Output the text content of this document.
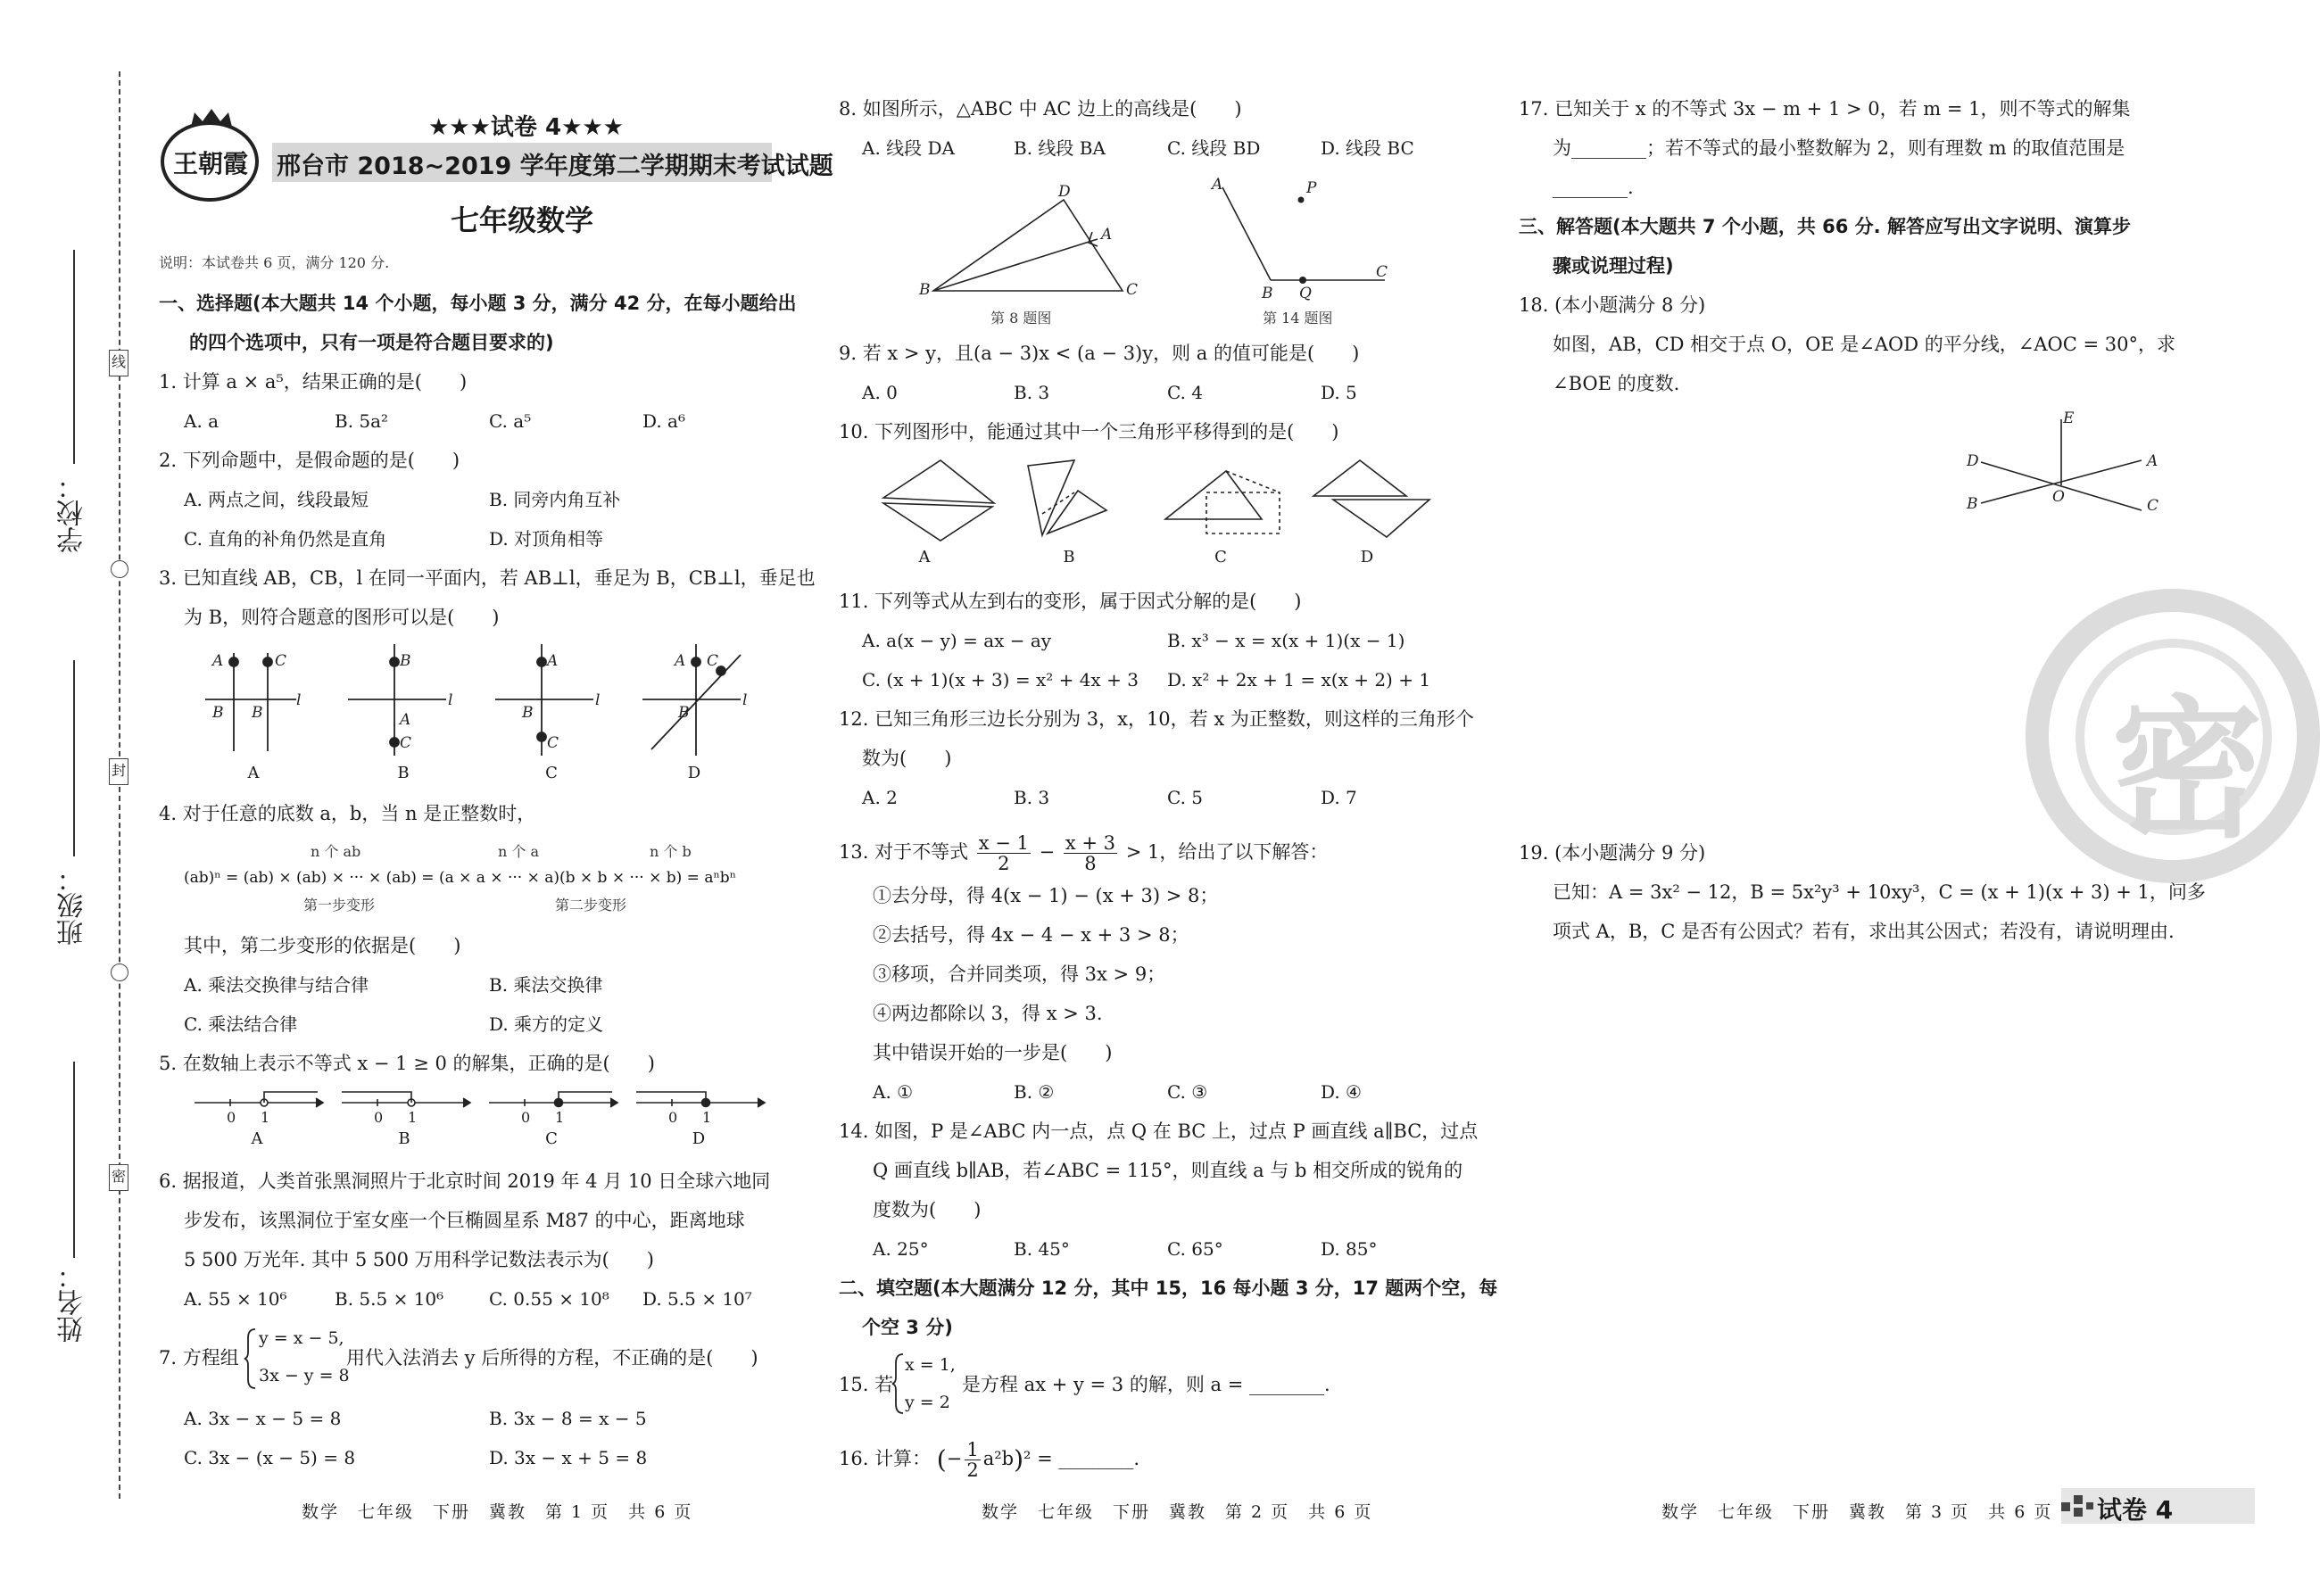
线
封
密
学校：
班级：
姓名：
王朝霞
★★★试卷 4★★★
邢台市 2018~2019 学年度第二学期期末考试试题
七年级数学
说明：本试卷共 6 页，满分 120 分.
一、选择题(本大题共 14 个小题，每小题 3 分，满分 42 分，在每小题给出
的四个选项中，只有一项是符合题目要求的)
1. 计算 a × a⁵，结果正确的是(　　)
A. a	B. 5a²	C. a⁵	D. a⁶
2. 下列命题中，是假命题的是(　　)
A. 两点之间，线段最短	B. 同旁内角互补
C. 直角的补角仍然是直角	D. 对顶角相等
3. 已知直线 AB，CB，l 在同一平面内，若 AB⊥l，垂足为 B，CB⊥l，垂足也
为 B，则符合题意的图形可以是(　　)
A	C
B B
l
B
A
C
l
A
B
C
l
A C
B
l
A	B	C	D
4. 对于任意的底数 a，b，当 n 是正整数时，
n 个 ab	n 个 a	n 个 b
(ab)ⁿ = (ab) × (ab) × ··· × (ab) = (a × a × ··· × a)(b × b × ··· × b) = aⁿbⁿ
第一步变形	第二步变形
其中，第二步变形的依据是(　　)
A. 乘法交换律与结合律	B. 乘法交换律
C. 乘法结合律	D. 乘方的定义
5. 在数轴上表示不等式 x − 1 ≥ 0 的解集，正确的是(　　)
0 1	0 1	0 1	0 1
A	B	C	D
6. 据报道，人类首张黑洞照片于北京时间 2019 年 4 月 10 日全球六地同
步发布，该黑洞位于室女座一个巨椭圆星系 M87 的中心，距离地球
5 500 万光年. 其中 5 500 万用科学记数法表示为(　　)
A. 55 × 10⁶	B. 5.5 × 10⁶	C. 0.55 × 10⁸ D. 5.5 × 10⁷
7. 方程组
y = x − 5,
3x − y = 8
用代入法消去 y 后所得的方程，不正确的是(　　)
A. 3x − x − 5 = 8	B. 3x − 8 = x − 5
C. 3x − (x − 5) = 8	D. 3x − x + 5 = 8
数学　七年级　下册　冀教　第 1 页　共 6 页
8. 如图所示，△ABC 中 AC 边上的高线是(　　)
A. 线段 DA	B. 线段 BA	C. 线段 BD	D. 线段 BC
B	C
D
A
第 8 题图
A	P
B Q
C
第 14 题图
9. 若 x > y，且(a − 3)x < (a − 3)y，则 a 的值可能是(　　)
A. 0	B. 3	C. 4	D. 5
10. 下列图形中，能通过其中一个三角形平移得到的是(　　)
A	B	C	D
11. 下列等式从左到右的变形，属于因式分解的是(　　)
A. a(x − y) = ax − ay	B. x³ − x = x(x + 1)(x − 1)
C. (x + 1)(x + 3) = x² + 4x + 3 D. x² + 2x + 1 = x(x + 2) + 1
12. 已知三角形三边长分别为 3，x，10，若 x 为正整数，则这样的三角形个
数为(　　)
A. 2	B. 3	C. 5	D. 7
13. 对于不等式 $\frac{x - 1}{2} - \frac{x + 3}{8} > 1$，给出了以下解答：
①去分母，得 4(x − 1) − (x + 3) > 8；
②去括号，得 4x − 4 − x + 3 > 8；
③移项，合并同类项，得 3x > 9；
④两边都除以 3，得 x > 3.
其中错误开始的一步是(　　)
A. ①	B. ②	C. ③	D. ④
14. 如图，P 是∠ABC 内一点，点 Q 在 BC 上，过点 P 画直线 a∥BC，过点
Q 画直线 b∥AB，若∠ABC = 115°，则直线 a 与 b 相交所成的锐角的
度数为(　　)
A. 25°	B. 45°	C. 65°	D. 85°
二、填空题(本大题满分 12 分，其中 15，16 每小题 3 分，17 题两个空，每
个空 3 分)
15. 若
x = 1,
y = 2
是方程 ax + y = 3 的解，则 a = ________.
16. 计算： (− $\frac{1}{2} a^2b)^2$ = ________.
数学　七年级　下册　冀教　第 2 页　共 6 页
17. 已知关于 x 的不等式 3x − m + 1 > 0，若 m = 1，则不等式的解集
为________；若不等式的最小整数解为 2，则有理数 m 的取值范围是
________.
三、解答题(本大题共 7 个小题，共 66 分. 解答应写出文字说明、演算步
骤或说理过程)
18. (本小题满分 8 分)
如图，AB，CD 相交于点 O，OE 是∠AOD 的平分线，∠AOC = 30°，求
∠BOE 的度数.
E
D	A
B	C
O
密
19. (本小题满分 9 分)
已知：A = 3x² − 12，B = 5x²y³ + 10xy³，C = (x + 1)(x + 3) + 1，问多
项式 A，B，C 是否有公因式？若有，求出其公因式；若没有，请说明理由.
数学　七年级　下册　冀教　第 3 页　共 6 页 试卷 4
